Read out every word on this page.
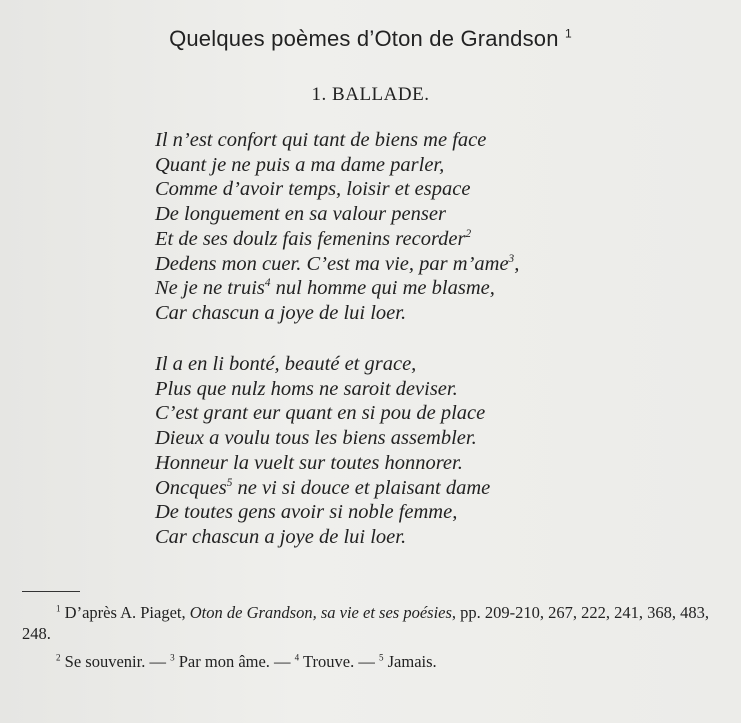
Quelques poèmes d’Oton de Grandson $^1$
1. BALLADE.
Il n’est confort qui tant de biens me face
Quant je ne puis a ma dame parler,
Comme d’avoir temps, loisir et espace
De longuement en sa valour penser
Et de ses doulz fais femenins recorder$^2$
Dedens mon cuer. C’est ma vie, par m’ame$^3$,
Ne je ne truis$^4$ nul homme qui me blasme,
Car chascun a joye de lui loer.
Il a en li bonté, beauté et grace,
Plus que nulz homs ne saroit deviser.
C’est grant eur quant en si pou de place
Dieux a voulu tous les biens assembler.
Honneur la vuelt sur toutes honnorer.
Oncques$^5$ ne vi si douce et plaisant dame
De toutes gens avoir si noble femme,
Car chascun a joye de lui loer.

$^1$ D’après A. Piaget, Oton de Grandson, sa vie et ses poésies, pp. 209-210, 267, 222, 241, 368, 483, 248.

$^2$ Se souvenir. — $^3$ Par mon âme. — $^4$ Trouve. — $^5$ Jamais.
